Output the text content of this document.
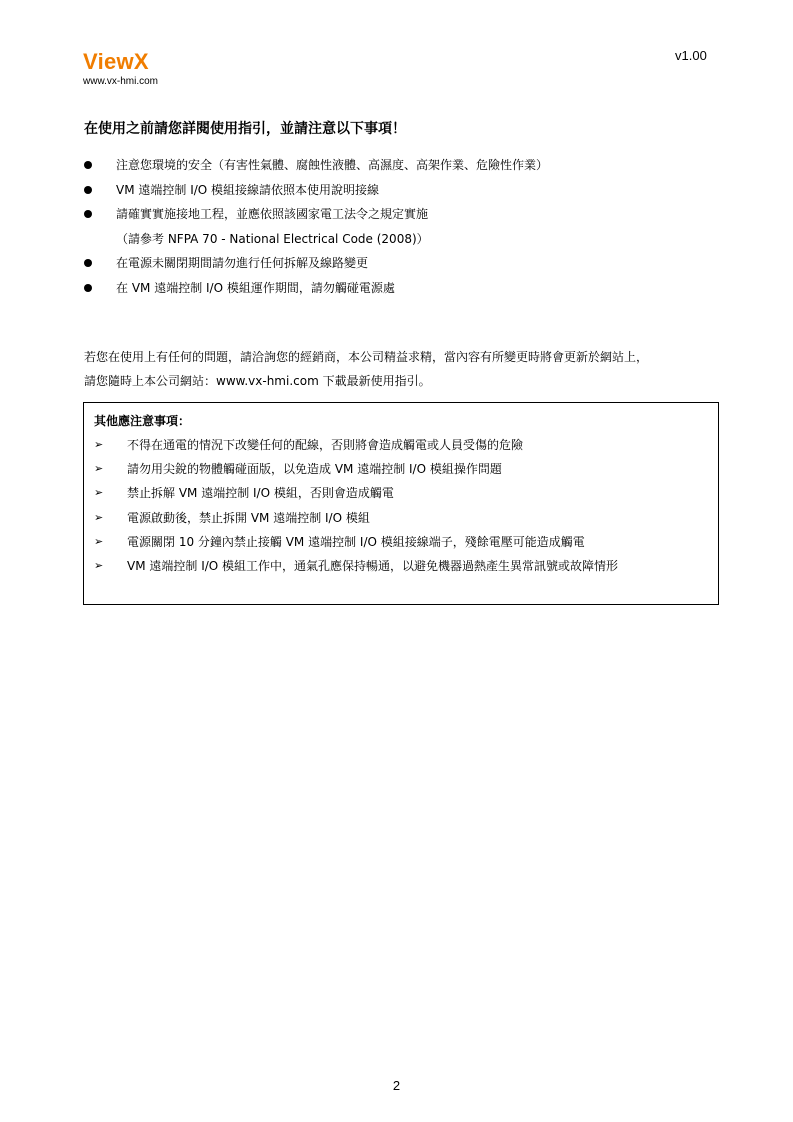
ViewX
www.vx-hmi.com
v1.00
在使用之前請您詳閱使用指引，並請注意以下事項！
注意您環境的安全（有害性氣體、腐蝕性液體、高濕度、高架作業、危險性作業）
VM 遠端控制 I/O 模組接線請依照本使用說明接線
請確實實施接地工程，並應依照該國家電工法令之規定實施
（請參考 NFPA 70 - National Electrical Code (2008)）
在電源未關閉期間請勿進行任何拆解及線路變更
在 VM 遠端控制 I/O 模組運作期間，請勿觸碰電源處
若您在使用上有任何的問題，請洽詢您的經銷商，本公司精益求精，當內容有所變更時將會更新於網站上，
請您隨時上本公司網站：www.vx-hmi.com 下載最新使用指引。
其他應注意事項：
➢ 不得在通電的情況下改變任何的配線，否則將會造成觸電或人員受傷的危險
➢ 請勿用尖銳的物體觸碰面版，以免造成 VM 遠端控制 I/O 模組操作問題
➢ 禁止拆解 VM 遠端控制 I/O 模組，否則會造成觸電
➢ 電源啟動後，禁止拆開 VM 遠端控制 I/O 模組
➢ 電源關閉 10 分鐘內禁止接觸 VM 遠端控制 I/O 模組接線端子，殘餘電壓可能造成觸電
➢ VM 遠端控制 I/O 模組工作中，通氣孔應保持暢通，以避免機器過熱產生異常訊號或故障情形
2
